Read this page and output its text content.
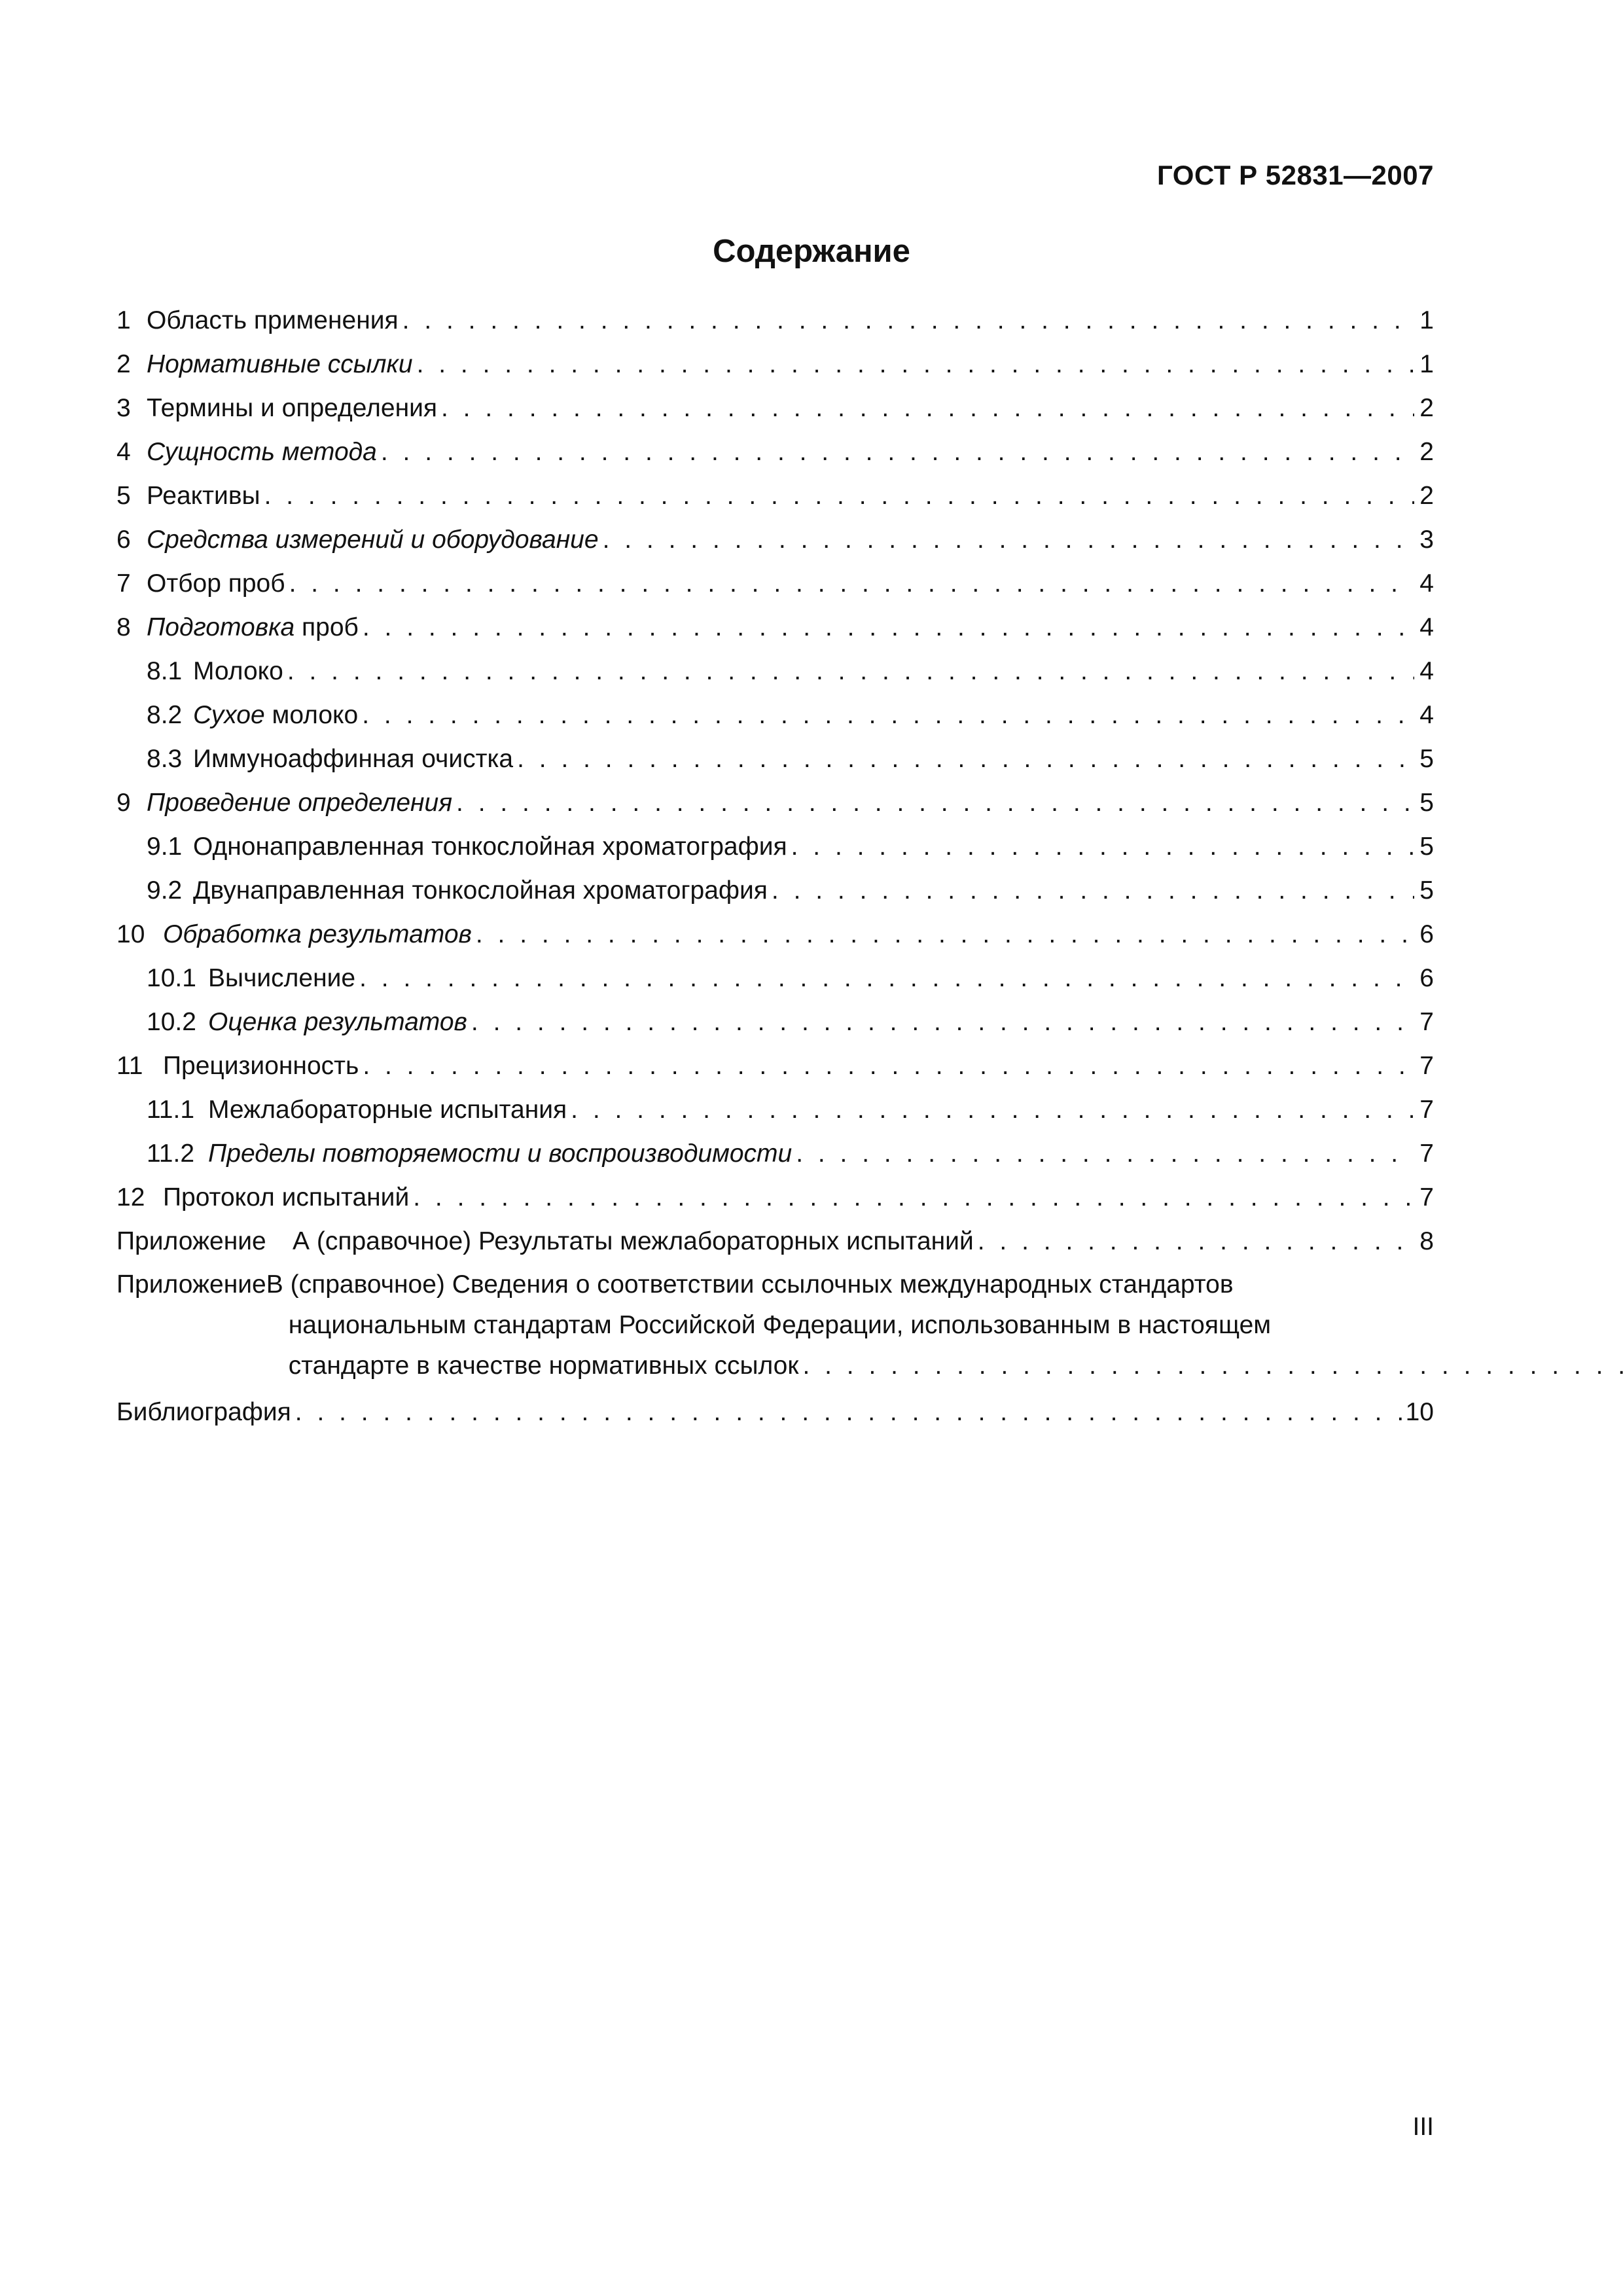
ГОСТ Р 52831—2007
Содержание
1 Область применения . . .	1
2 Нормативные ссылки . . .	1
3 Термины и определения . . .	2
4 Сущность метода . . .	2
5 Реактивы . . .	2
6 Средства измерений и оборудование . . .	3
7 Отбор проб . . .	4
8 Подготовка проб . . .	4
8.1 Молоко . . .	4
8.2 Сухое молоко . . .	4
8.3 Иммуноаффинная очистка . . .	5
9 Проведение определения . . .	5
9.1 Однонаправленная тонкослойная хроматография . . .	5
9.2 Двунаправленная тонкослойная хроматография . . .	5
10 Обработка результатов . . .	6
10.1 Вычисление . . .	6
10.2 Оценка результатов . . .	7
11 Прецизионность . . .	7
11.1 Межлабораторные испытания . . .	7
11.2 Пределы повторяемости и воспроизводимости . . .	7
12 Протокол испытаний . . .	7
Приложение	А (справочное) Результаты межлабораторных испытаний . . .	8
Приложение В (справочное) Сведения о соответствии ссылочных международных стандартов
национальным стандартам Российской Федерации, использованным в настоящем
стандарте в качестве нормативных ссылок
. . .
Библиография . . .	10
III
